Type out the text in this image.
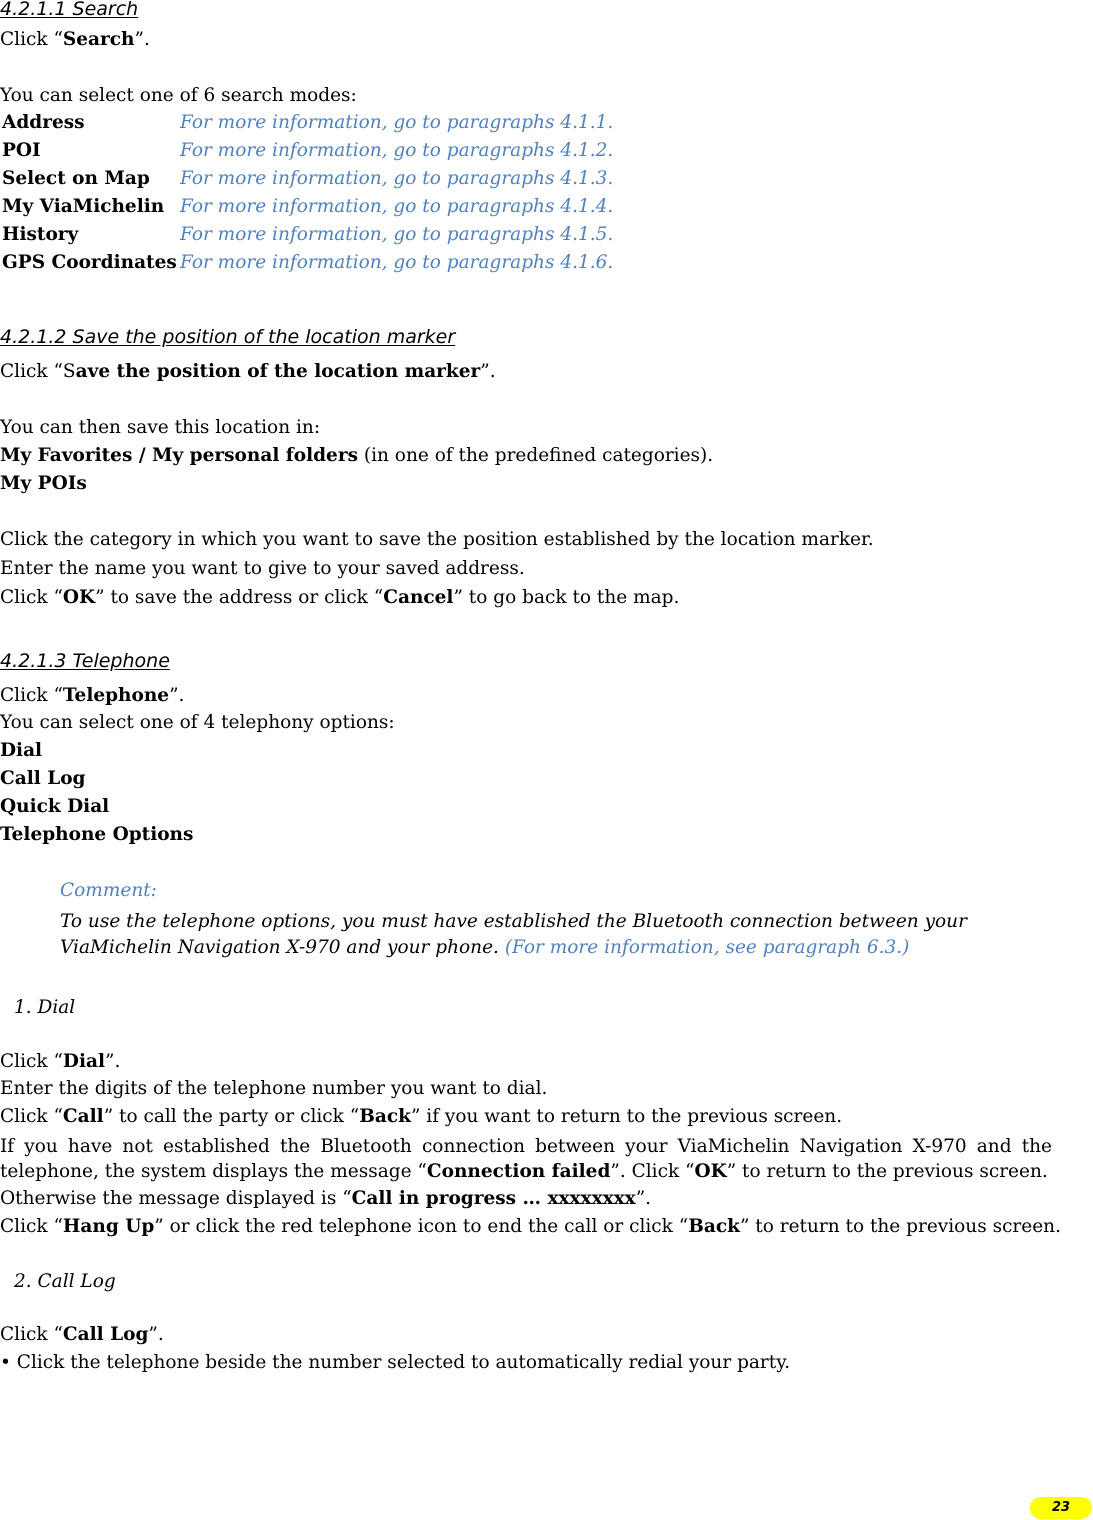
4.2.1.1 Search
Click “Search”.
You can select one of 6 search modes:
Address	For more information, go to paragraphs 4.1.1.
POI	For more information, go to paragraphs 4.1.2.
Select on Map For more information, go to paragraphs 4.1.3.
My ViaMichelin For more information, go to paragraphs 4.1.4.
History	For more information, go to paragraphs 4.1.5.
GPS Coordinates For more information, go to paragraphs 4.1.6.
4.2.1.2 Save the position of the location marker
Click “Save the position of the location marker”.
You can then save this location in:
My Favorites / My personal folders (in one of the predefined categories).
My POIs
Click the category in which you want to save the position established by the location marker.
Enter the name you want to give to your saved address.
Click “OK” to save the address or click “Cancel” to go back to the map.
4.2.1.3 Telephone
Click “Telephone”.
You can select one of 4 telephony options:
Dial
Call Log
Quick Dial
Telephone Options
Comment:
To use the telephone options, you must have established the Bluetooth connection between your ViaMichelin Navigation X-970 and your phone. (For more information, see paragraph 6.3.)
1. Dial
Click “Dial”.
Enter the digits of the telephone number you want to dial.
Click “Call” to call the party or click “Back” if you want to return to the previous screen.
If you have not established the Bluetooth connection between your ViaMichelin Navigation X-970 and the telephone, the system displays the message “Connection failed”. Click “OK” to return to the previous screen.
Otherwise the message displayed is “Call in progress … xxxxxxxx”.
Click “Hang Up” or click the red telephone icon to end the call or click “Back” to return to the previous screen.
2. Call Log
Click “Call Log”.
• Click the telephone beside the number selected to automatically redial your party.
23
